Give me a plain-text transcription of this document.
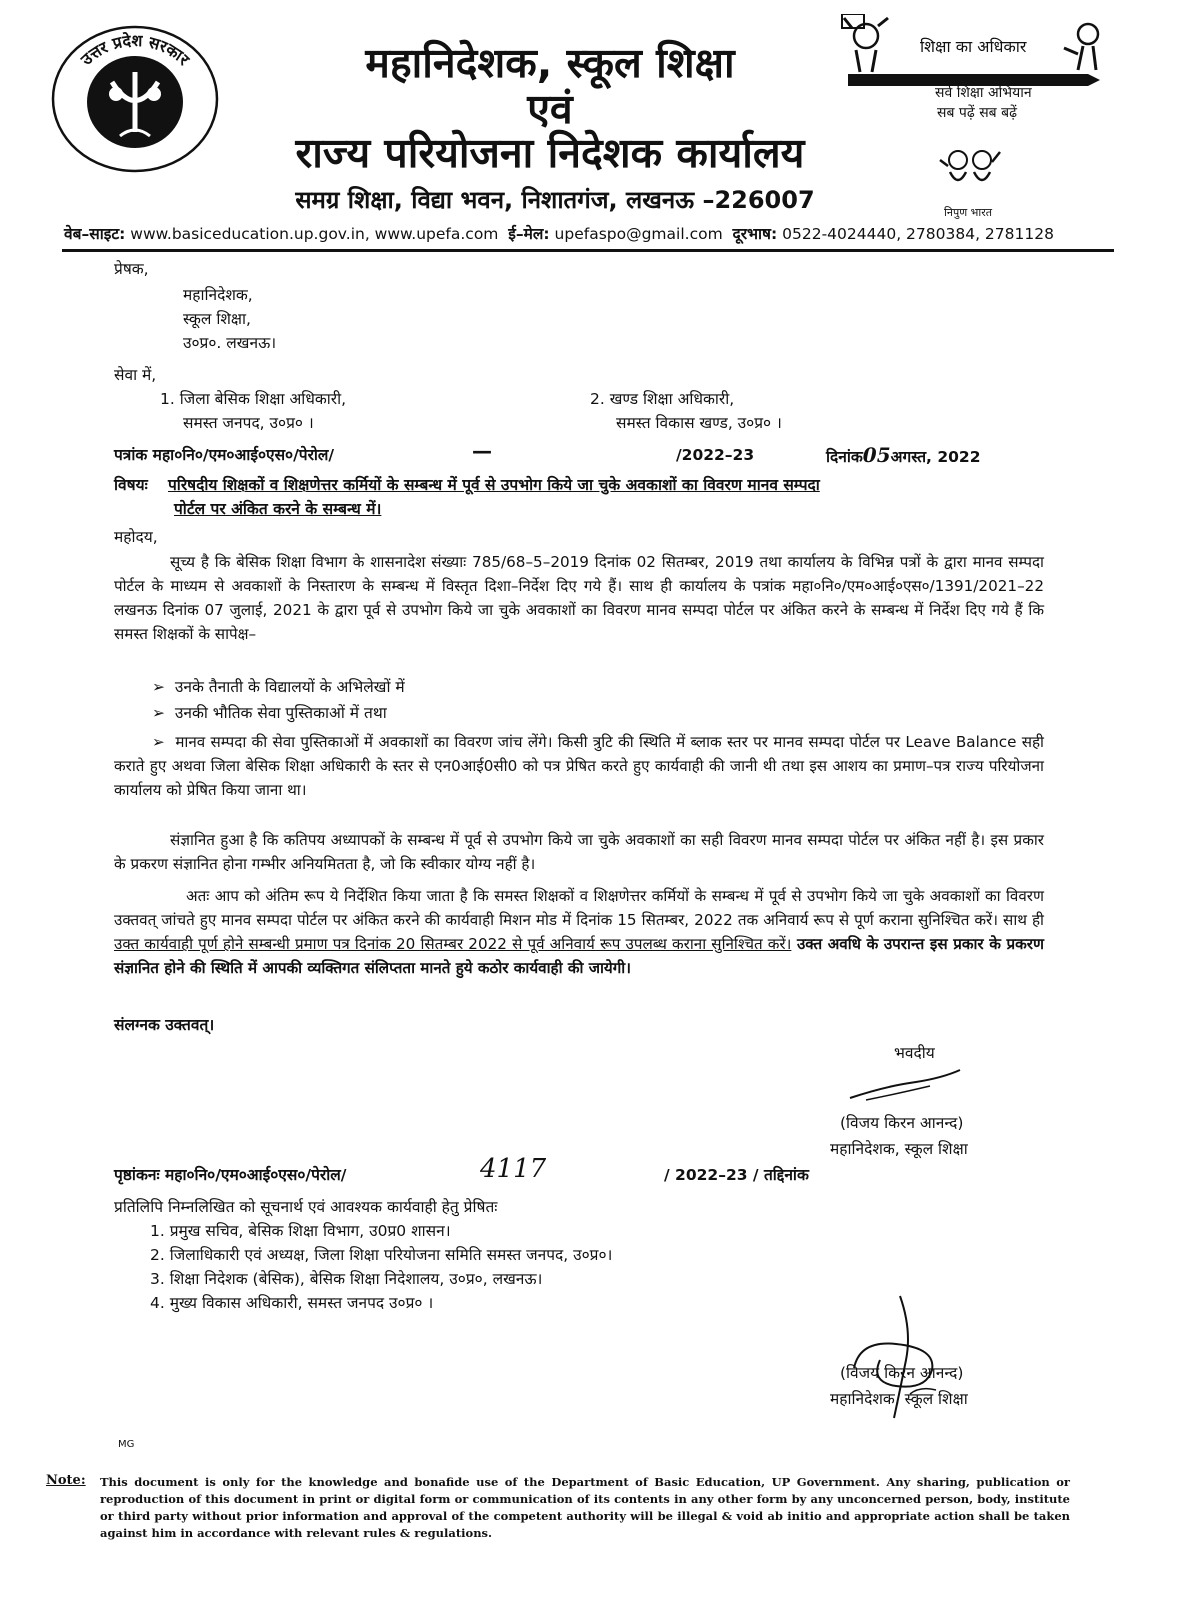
उत्तर प्रदेश सरकार	महानिदेशक, स्कूल शिक्षा
एवं
राज्य परियोजना निदेशक कार्यालय
समग्र शिक्षा, विद्या भवन, निशातगंज, लखनऊ –226007
शिक्षा का अधिकार
सर्व शिक्षा अभियान
सब पढ़ें सब बढ़ें
निपुण भारत
वेब–साइट: www.basiceducation.up.gov.in, www.upefa.com ई–मेल: upefaspo@gmail.com दूरभाष: 0522-4024440, 2780384, 2781128
प्रेषक,
महानिदेशक,
स्कूल शिक्षा,
उ०प्र०. लखनऊ।
सेवा में,
1. जिला बेसिक शिक्षा अधिकारी,
समस्त जनपद, उ०प्र० ।
2. खण्ड शिक्षा अधिकारी,
समस्त विकास खण्ड, उ०प्र० ।
पत्रांक महा०नि०/एम०आई०एस०/पेरोल/	—	/2022–23	दिनांक05अगस्त, 2022
विषयः परिषदीय शिक्षकों व शिक्षणेत्तर कर्मियों के सम्बन्ध में पूर्व से उपभोग किये जा चुके अवकाशों का विवरण मानव सम्पदा
पोर्टल पर अंकित करने के सम्बन्ध में।
महोदय,
सूच्य है कि बेसिक शिक्षा विभाग के शासनादेश संख्याः 785/68–5–2019 दिनांक 02 सितम्बर, 2019 तथा कार्यालय के विभिन्न पत्रों के द्वारा मानव सम्पदा पोर्टल के माध्यम से अवकाशों के निस्तारण के सम्बन्ध में विस्तृत दिशा–निर्देश दिए गये हैं। साथ ही कार्यालय के पत्रांक महा०नि०/एम०आई०एस०/1391/2021–22 लखनऊ दिनांक 07 जुलाई, 2021 के द्वारा पूर्व से उपभोग किये जा चुके अवकाशों का विवरण मानव सम्पदा पोर्टल पर अंकित करने के सम्बन्ध में निर्देश दिए गये हैं कि समस्त शिक्षकों के सापेक्ष–
➢  उनके तैनाती के विद्यालयों के अभिलेखों में
➢  उनकी भौतिक सेवा पुस्तिकाओं में तथा
➢  मानव सम्पदा की सेवा पुस्तिकाओं में अवकाशों का विवरण जांच लेंगे। किसी त्रुटि की स्थिति में ब्लाक स्तर पर मानव सम्पदा पोर्टल पर Leave Balance सही कराते हुए अथवा जिला बेसिक शिक्षा अधिकारी के स्तर से एन0आई0सी0 को पत्र प्रेषित करते हुए कार्यवाही की जानी थी तथा इस आशय का प्रमाण–पत्र राज्य परियोजना कार्यालय को प्रेषित किया जाना था।
संज्ञानित हुआ है कि कतिपय अध्यापकों के सम्बन्ध में पूर्व से उपभोग किये जा चुके अवकाशों का सही विवरण मानव सम्पदा पोर्टल पर अंकित नहीं है। इस प्रकार के प्रकरण संज्ञानित होना गम्भीर अनियमितता है, जो कि स्वीकार योग्य नहीं है।
अतः आप को अंतिम रूप ये निर्देशित किया जाता है कि समस्त शिक्षकों व शिक्षणेत्तर कर्मियों के सम्बन्ध में पूर्व से उपभोग किये जा चुके अवकाशों का विवरण उक्तवत् जांचते हुए मानव सम्पदा पोर्टल पर अंकित करने की कार्यवाही मिशन मोड में दिनांक 15 सितम्बर, 2022 तक अनिवार्य रूप से पूर्ण कराना सुनिश्चित करें। साथ ही उक्त कार्यवाही पूर्ण होने सम्बन्धी प्रमाण पत्र दिनांक 20 सितम्बर 2022 से पूर्व अनिवार्य रूप उपलब्ध कराना सुनिश्चित करें। उक्त अवधि के उपरान्त इस प्रकार के प्रकरण संज्ञानित होने की स्थिति में आपकी व्यक्तिगत संलिप्तता मानते हुये कठोर कार्यवाही की जायेगी।
संलग्नक उक्तवत्।
भवदीय
(विजय किरन आनन्द)
महानिदेशक, स्कूल शिक्षा
पृष्ठांकनः महा०नि०/एम०आई०एस०/पेरोल/	4117	/ 2022–23 / तद्दिनांक
प्रतिलिपि निम्नलिखित को सूचनार्थ एवं आवश्यक कार्यवाही हेतु प्रेषितः
1. प्रमुख सचिव, बेसिक शिक्षा विभाग, उ0प्र0 शासन।
2. जिलाधिकारी एवं अध्यक्ष, जिला शिक्षा परियोजना समिति समस्त जनपद, उ०प्र०।
3. शिक्षा निदेशक (बेसिक), बेसिक शिक्षा निदेशालय, उ०प्र०, लखनऊ।
4. मुख्य विकास अधिकारी, समस्त जनपद उ०प्र० ।
(विजय किरन आनन्द)
महानिदेशक, स्कूल शिक्षा
MG
Note: This document is only for the knowledge and bonafide use of the Department of Basic Education, UP Government. Any sharing, publication or reproduction of this document in print or digital form or communication of its contents in any other form by any unconcerned person, body, institute or third party without prior information and approval of the competent authority will be illegal & void ab initio and appropriate action shall be taken against him in accordance with relevant rules & regulations.
